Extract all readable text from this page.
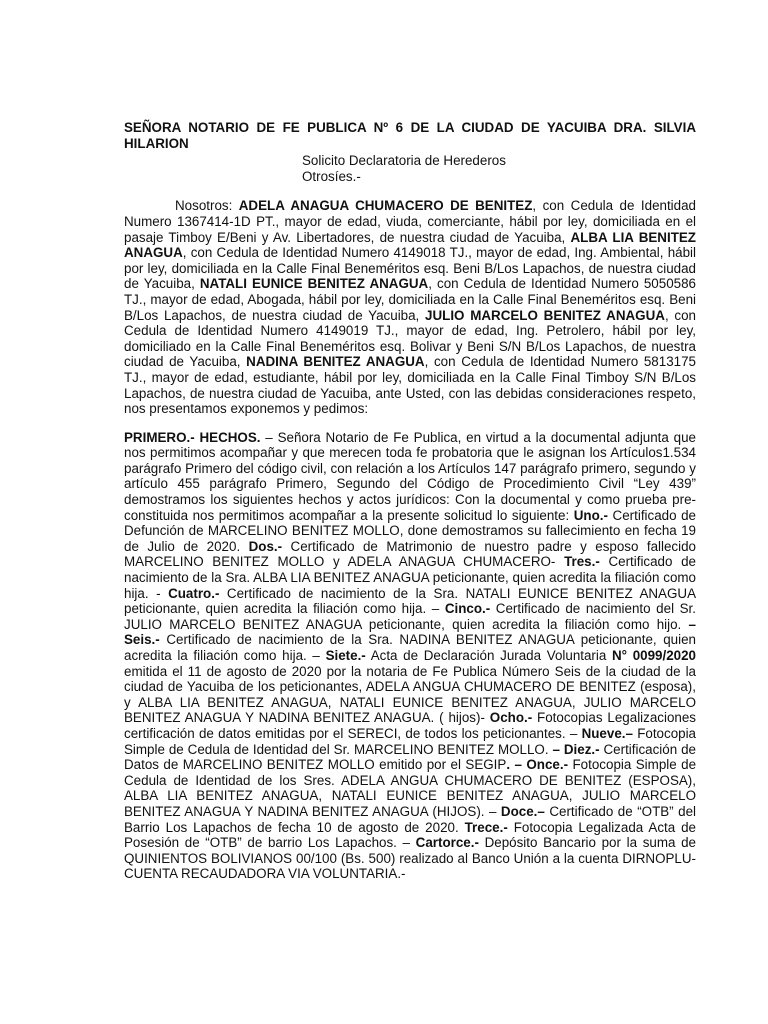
SEÑORA NOTARIO DE FE PUBLICA Nº 6 DE LA CIUDAD DE YACUIBA DRA. SILVIA HILARION
Solicito Declaratoria de Herederos
Otrosíes.-
Nosotros: ADELA ANAGUA CHUMACERO DE BENITEZ, con Cedula de Identidad Numero 1367414-1D PT., mayor de edad, viuda, comerciante, hábil por ley, domiciliada en el pasaje Timboy E/Beni y Av. Libertadores, de nuestra ciudad de Yacuiba, ALBA LIA BENITEZ ANAGUA, con Cedula de Identidad Numero 4149018 TJ., mayor de edad, Ing. Ambiental, hábil por ley, domiciliada en la Calle Final Beneméritos esq. Beni B/Los Lapachos, de nuestra ciudad de Yacuiba, NATALI EUNICE BENITEZ ANAGUA, con Cedula de Identidad Numero 5050586 TJ., mayor de edad, Abogada, hábil por ley, domiciliada en la Calle Final Beneméritos esq. Beni B/Los Lapachos, de nuestra ciudad de Yacuiba, JULIO MARCELO BENITEZ ANAGUA, con Cedula de Identidad Numero 4149019 TJ., mayor de edad, Ing. Petrolero, hábil por ley, domiciliado en la Calle Final Beneméritos esq. Bolivar y Beni S/N B/Los Lapachos, de nuestra ciudad de Yacuiba, NADINA BENITEZ ANAGUA, con Cedula de Identidad Numero 5813175 TJ., mayor de edad, estudiante, hábil por ley, domiciliada en la Calle Final Timboy S/N B/Los Lapachos, de nuestra ciudad de Yacuiba, ante Usted, con las debidas consideraciones respeto, nos presentamos exponemos y pedimos:
PRIMERO.- HECHOS. – Señora Notario de Fe Publica, en virtud a la documental adjunta que nos permitimos acompañar y que merecen toda fe probatoria que le asignan los Artículos1.534 parágrafo Primero del código civil, con relación a los Artículos 147 parágrafo primero, segundo y artículo 455 parágrafo Primero, Segundo del Código de Procedimiento Civil “Ley 439” demostramos los siguientes hechos y actos jurídicos: Con la documental y como prueba pre-constituida nos permitimos acompañar a la presente solicitud lo siguiente: Uno.- Certificado de Defunción de MARCELINO BENITEZ MOLLO, done demostramos su fallecimiento en fecha 19 de Julio de 2020. Dos.- Certificado de Matrimonio de nuestro padre y esposo fallecido MARCELINO BENITEZ MOLLO y ADELA ANAGUA CHUMACERO- Tres.- Certificado de nacimiento de la Sra. ALBA LIA BENITEZ ANAGUA peticionante, quien acredita la filiación como hija. - Cuatro.- Certificado de nacimiento de la Sra. NATALI EUNICE BENITEZ ANAGUA peticionante, quien acredita la filiación como hija. – Cinco.- Certificado de nacimiento del Sr. JULIO MARCELO BENITEZ ANAGUA peticionante, quien acredita la filiación como hijo. – Seis.- Certificado de nacimiento de la Sra. NADINA BENITEZ ANAGUA peticionante, quien acredita la filiación como hija. – Siete.- Acta de Declaración Jurada Voluntaria N° 0099/2020 emitida el 11 de agosto de 2020 por la notaria de Fe Publica Número Seis de la ciudad de la ciudad de Yacuiba de los peticionantes, ADELA ANGUA CHUMACERO DE BENITEZ (esposa), y ALBA LIA BENITEZ ANAGUA, NATALI EUNICE BENITEZ ANAGUA, JULIO MARCELO BENITEZ ANAGUA Y NADINA BENITEZ ANAGUA. ( hijos)- Ocho.- Fotocopias Legalizaciones certificación de datos emitidas por el SERECI, de todos los peticionantes. – Nueve.– Fotocopia Simple de Cedula de Identidad del Sr. MARCELINO BENITEZ MOLLO. – Diez.- Certificación de Datos de MARCELINO BENITEZ MOLLO emitido por el SEGIP. – Once.- Fotocopia Simple de Cedula de Identidad de los Sres. ADELA ANGUA CHUMACERO DE BENITEZ (ESPOSA), ALBA LIA BENITEZ ANAGUA, NATALI EUNICE BENITEZ ANAGUA, JULIO MARCELO BENITEZ ANAGUA Y NADINA BENITEZ ANAGUA (HIJOS). – Doce.– Certificado de “OTB” del Barrio Los Lapachos de fecha 10 de agosto de 2020. Trece.- Fotocopia Legalizada Acta de Posesión de “OTB” de barrio Los Lapachos. – Cartorce.- Depósito Bancario por la suma de QUINIENTOS BOLIVIANOS 00/100 (Bs. 500) realizado al Banco Unión a la cuenta DIRNOPLU-CUENTA RECAUDADORA VIA VOLUNTARIA.-
